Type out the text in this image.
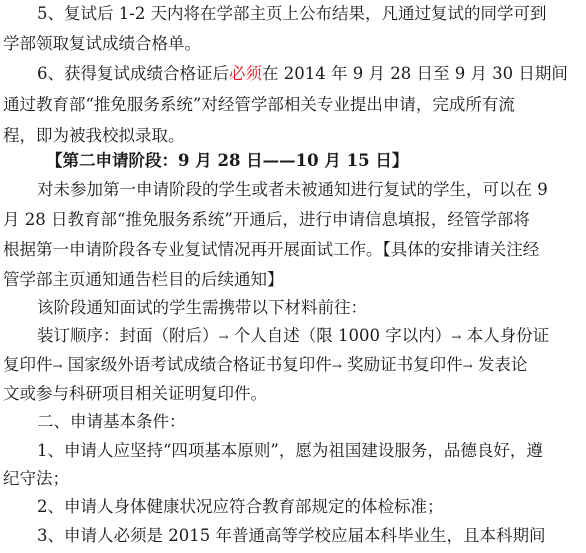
5、复试后 1-2 天内将在学部主页上公布结果，凡通过复试的同学可到
学部领取复试成绩合格单。
6、获得复试成绩合格证后必须在 2014 年 9 月 28 日至 9 月 30 日期间
通过教育部“推免服务系统”对经管学部相关专业提出申请，完成所有流
程，即为被我校拟录取。
【第二申请阶段：9 月 28 日——10 月 15 日】
对未参加第一申请阶段的学生或者未被通知进行复试的学生，可以在 9
月 28 日教育部“推免服务系统”开通后，进行申请信息填报，经管学部将
根据第一申请阶段各专业复试情况再开展面试工作。【具体的安排请关注经
管学部主页通知通告栏目的后续通知】
该阶段通知面试的学生需携带以下材料前往：
装订顺序：封面（附后）→ 个人自述（限 1000 字以内）→ 本人身份证
复印件→ 国家级外语考试成绩合格证书复印件→ 奖励证书复印件→ 发表论
文或参与科研项目相关证明复印件。
二、申请基本条件：
1、申请人应坚持“四项基本原则”，愿为祖国建设服务，品德良好，遵
纪守法；
2、申请人身体健康状况应符合教育部规定的体检标准；
3、申请人必须是 2015 年普通高等学校应届本科毕业生，且本科期间
